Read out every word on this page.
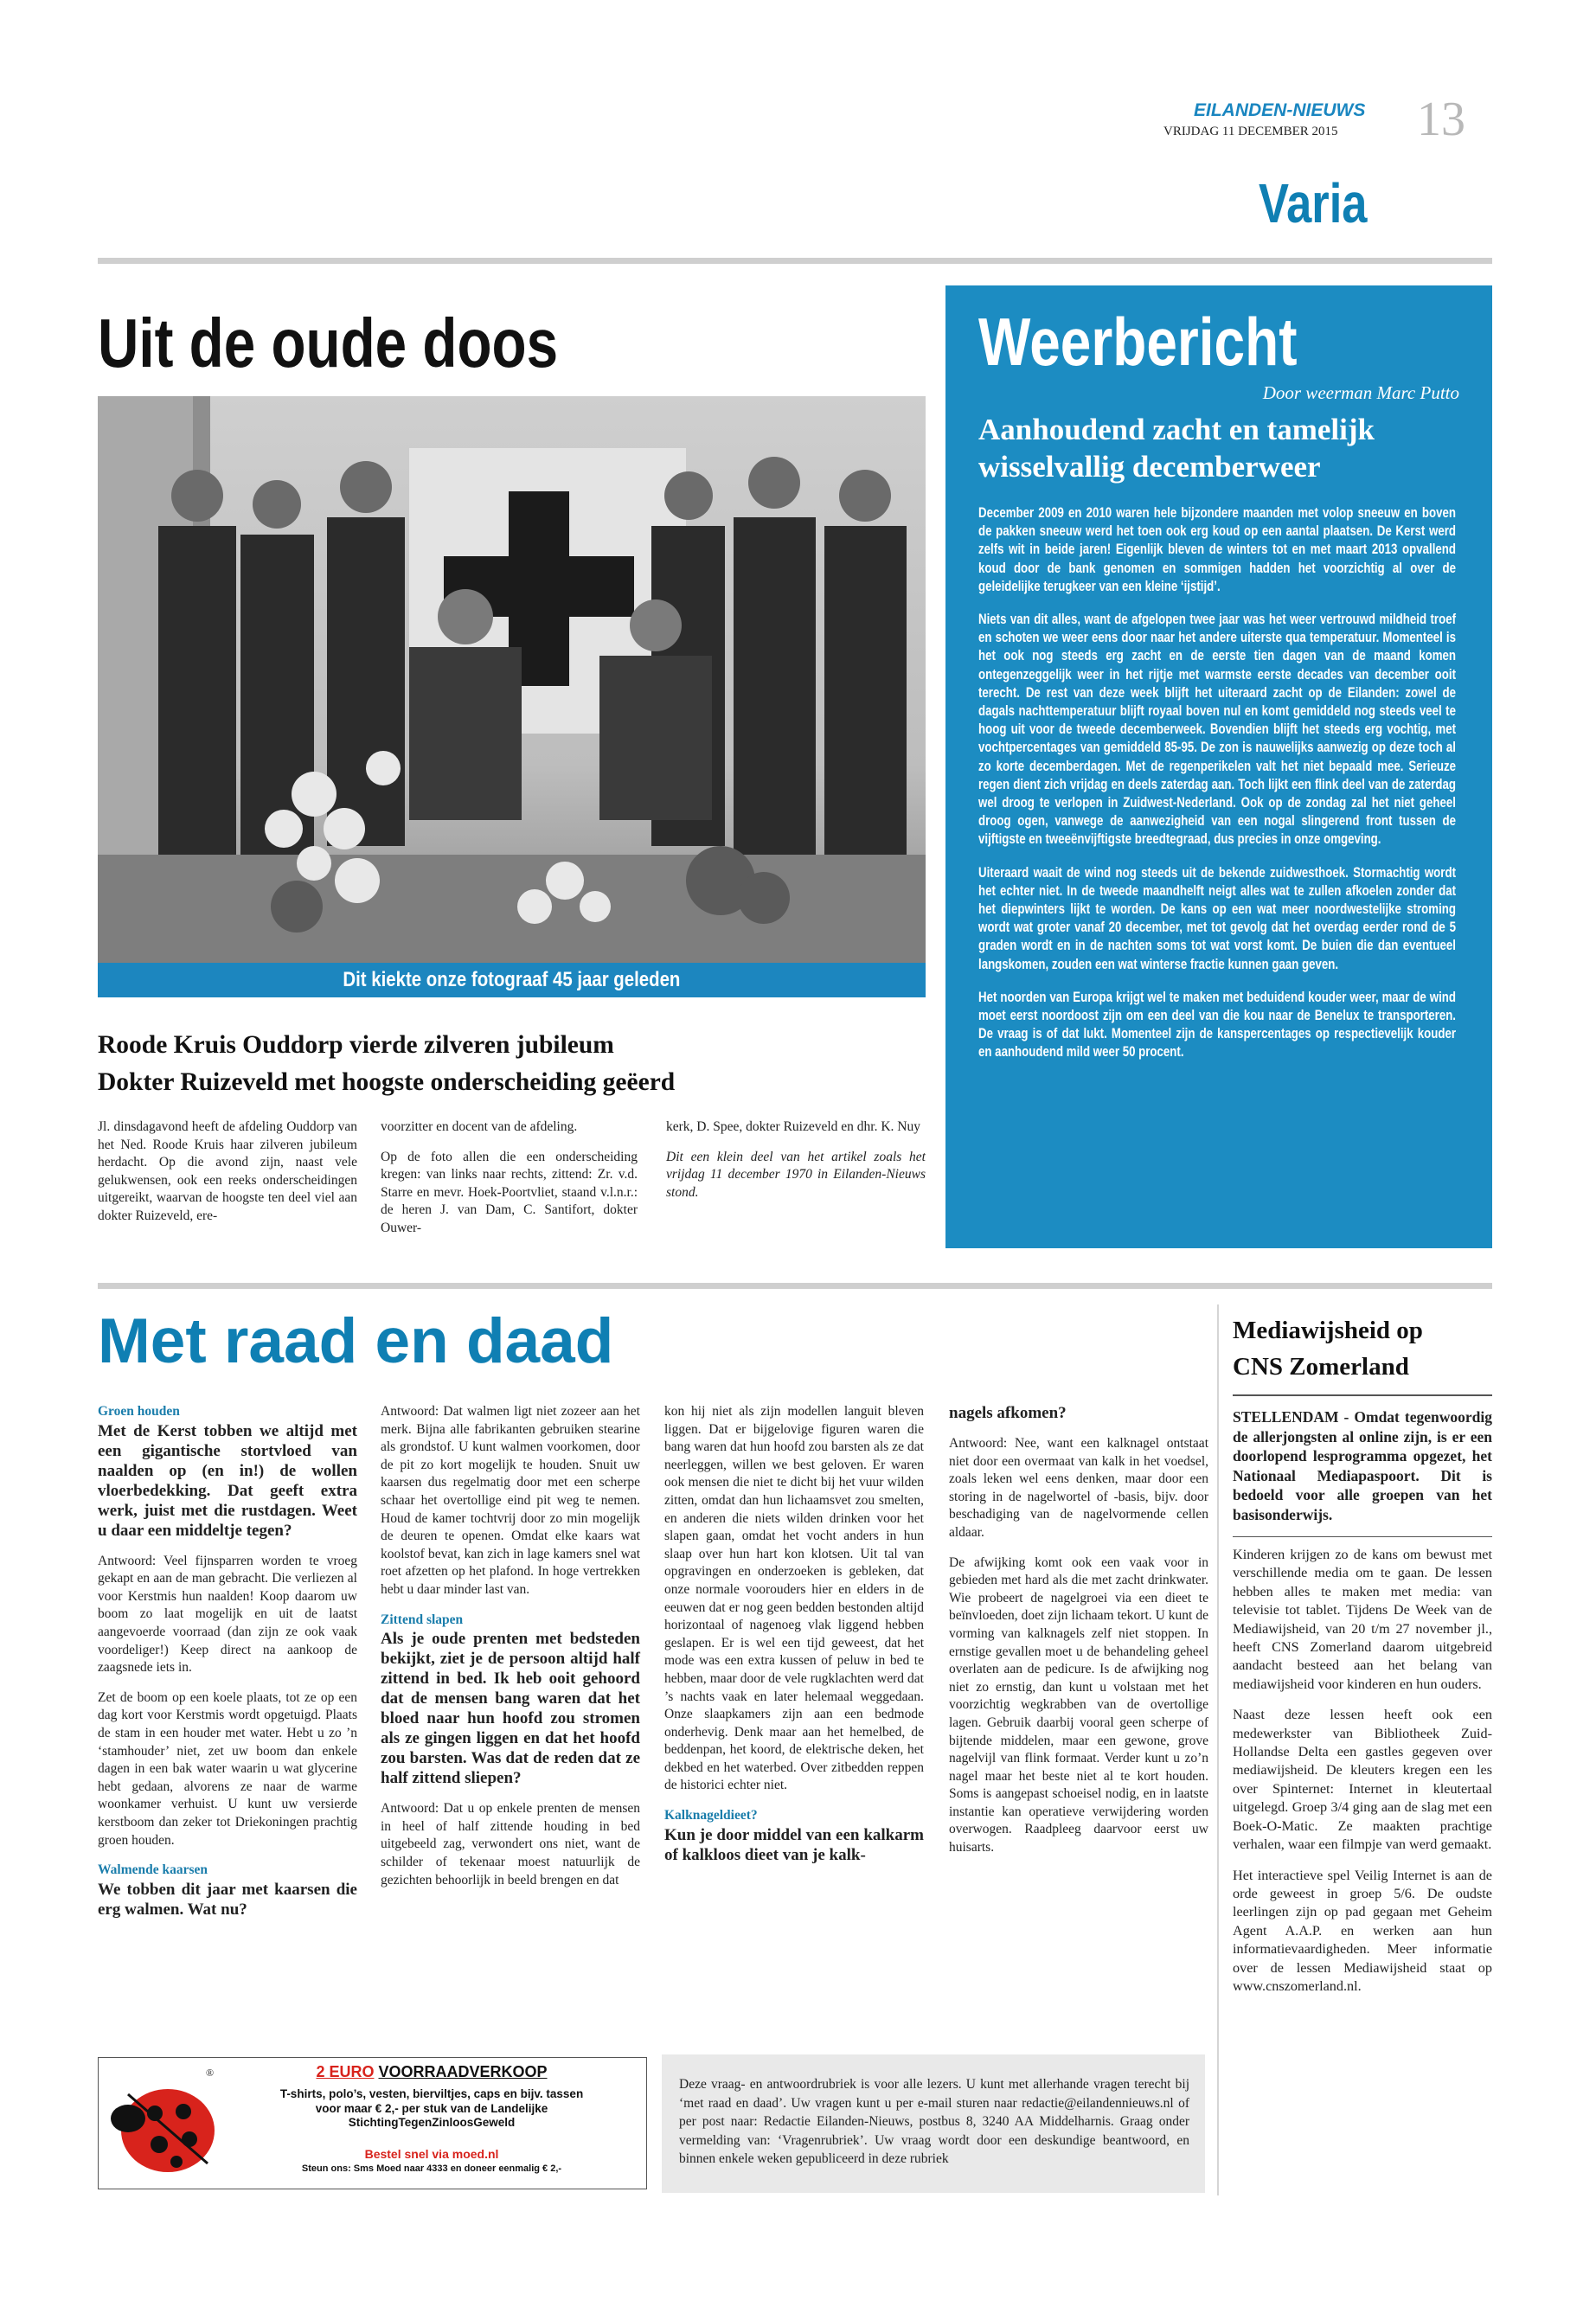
EILANDEN-NIEUWS
VRIJDAG 11 DECEMBER 2015 13
Varia
Uit de oude doos
Dit kiekte onze fotograaf 45 jaar geleden
Roode Kruis Ouddorp vierde zilveren jubileum
Dokter Ruizeveld met hoogste onderscheiding geëerd

Jl. dinsdagavond heeft de afdeling Ouddorp van het Ned. Roode Kruis haar zilveren jubileum herdacht. Op die avond zijn, naast vele gelukwensen, ook een reeks onderscheidingen uitgereikt, waarvan de hoogste ten deel viel aan dokter Ruizeveld, ere-

voorzitter en docent van de afdeling.

Op de foto allen die een onderscheiding kregen: van links naar rechts, zittend: Zr. v.d. Starre en mevr. Hoek-Poortvliet, staand v.l.n.r.: de heren J. van Dam, C. Santifort, dokter Ouwer-

kerk, D. Spee, dokter Ruizeveld en dhr. K. Nuy

Dit een klein deel van het artikel zoals het vrijdag 11 december 1970 in Eilanden-Nieuws stond.

Weerbericht
Door weerman Marc Putto
Aanhoudend zacht en tamelijk
wisselvallig decemberweer

December 2009 en 2010 waren hele bijzondere maanden met volop sneeuw en boven de pakken sneeuw werd het toen ook erg koud op een aantal plaatsen. De Kerst werd zelfs wit in beide jaren! Eigenlijk bleven de winters tot en met maart 2013 opvallend koud door de bank genomen en sommigen hadden het voorzichtig al over de geleidelijke terugkeer van een kleine ‘ijstijd’.

Niets van dit alles, want de afgelopen twee jaar was het weer vertrouwd mildheid troef en schoten we weer eens door naar het andere uiterste qua temperatuur. Momenteel is het ook nog steeds erg zacht en de eerste tien dagen van de maand komen ontegenzeggelijk weer in het rijtje met warmste eerste decades van december ooit terecht. De rest van deze week blijft het uiteraard zacht op de Eilanden: zowel de dagals nachttemperatuur blijft royaal boven nul en komt gemiddeld nog steeds veel te hoog uit voor de tweede decemberweek. Bovendien blijft het steeds erg vochtig, met vochtpercentages van gemiddeld 85-95. De zon is nauwelijks aanwezig op deze toch al zo korte decemberdagen. Met de regenperikelen valt het niet bepaald mee. Serieuze regen dient zich vrijdag en deels zaterdag aan. Toch lijkt een flink deel van de zaterdag wel droog te verlopen in Zuidwest-Nederland. Ook op de zondag zal het niet geheel droog ogen, vanwege de aanwezigheid van een nogal slingerend front tussen de vijftigste en tweeënvijftigste breedtegraad, dus precies in onze omgeving.

Uiteraard waait de wind nog steeds uit de bekende zuidwesthoek. Stormachtig wordt het echter niet. In de tweede maandhelft neigt alles wat te zullen afkoelen zonder dat het diepwinters lijkt te worden. De kans op een wat meer noordwestelijke stroming wordt wat groter vanaf 20 december, met tot gevolg dat het overdag eerder rond de 5 graden wordt en in de nachten soms tot wat vorst komt. De buien die dan eventueel langskomen, zouden een wat winterse fractie kunnen gaan geven.

Het noorden van Europa krijgt wel te maken met beduidend kouder weer, maar de wind moet eerst noordoost zijn om een deel van die kou naar de Benelux te transporteren. De vraag is of dat lukt. Momenteel zijn de kanspercentages op respectievelijk kouder en aanhoudend mild weer 50 procent.

Met raad en daad
Groen houden

Met de Kerst tobben we altijd met een gigantische stortvloed van naalden op (en in!) de wollen vloerbedekking. Dat geeft extra werk, juist met die rustdagen. Weet u daar een middeltje tegen?

Antwoord: Veel fijnsparren worden te vroeg gekapt en aan de man gebracht. Die verliezen al voor Kerstmis hun naalden! Koop daarom uw boom zo laat mogelijk en uit de laatst aangevoerde voorraad (dan zijn ze ook vaak voordeliger!) Keep direct na aankoop de zaagsnede iets in.

Zet de boom op een koele plaats, tot ze op een dag kort voor Kerstmis wordt opgetuigd. Plaats de stam in een houder met water. Hebt u zo ’n ‘stamhouder’ niet, zet uw boom dan enkele dagen in een bak water waarin u wat glycerine hebt gedaan, alvorens ze naar de warme woonkamer verhuist. U kunt uw versierde kerstboom dan zeker tot Driekoningen prachtig groen houden.

Walmende kaarsen

We tobben dit jaar met kaarsen die erg walmen. Wat nu?

Antwoord: Dat walmen ligt niet zozeer aan het merk. Bijna alle fabrikanten gebruiken stearine als grondstof. U kunt walmen voorkomen, door de pit zo kort mogelijk te houden. Snuit uw kaarsen dus regelmatig door met een scherpe schaar het overtollige eind pit weg te nemen. Houd de kamer tochtvrij door zo min mogelijk de deuren te openen. Omdat elke kaars wat koolstof bevat, kan zich in lage kamers snel wat roet afzetten op het plafond. In hoge vertrekken hebt u daar minder last van.

Zittend slapen

Als je oude prenten met bedsteden bekijkt, ziet je de persoon altijd half zittend in bed. Ik heb ooit gehoord dat de mensen bang waren dat het bloed naar hun hoofd zou stromen als ze gingen liggen en dat het hoofd zou barsten. Was dat de reden dat ze half zittend sliepen?

Antwoord: Dat u op enkele prenten de mensen in heel of half zittende houding in bed uitgebeeld zag, verwondert ons niet, want de schilder of tekenaar moest natuurlijk de gezichten behoorlijk in beeld brengen en dat

kon hij niet als zijn modellen languit bleven liggen. Dat er bijgelovige figuren waren die bang waren dat hun hoofd zou barsten als ze dat neerleggen, willen we best geloven. Er waren ook mensen die niet te dicht bij het vuur wilden zitten, omdat dan hun lichaamsvet zou smelten, en anderen die niets wilden drinken voor het slapen gaan, omdat het vocht anders in hun slaap over hun hart kon klotsen. Uit tal van opgravingen en onderzoeken is gebleken, dat onze normale voorouders hier en elders in de eeuwen dat er nog geen bedden bestonden altijd horizontaal of nagenoeg vlak liggend hebben geslapen. Er is wel een tijd geweest, dat het mode was een extra kussen of peluw in bed te hebben, maar door de vele rugklachten werd dat ’s nachts vaak en later helemaal weggedaan. Onze slaapkamers zijn aan een bedmode onderhevig. Denk maar aan het hemelbed, de beddenpan, het koord, de elektrische deken, het dekbed en het waterbed. Over zitbedden reppen de historici echter niet.

Kalknageldieet?

Kun je door middel van een kalkarm of kalkloos dieet van je kalk-

nagels afkomen?

Antwoord: Nee, want een kalknagel ontstaat niet door een overmaat van kalk in het voedsel, zoals leken wel eens denken, maar door een storing in de nagelwortel of -basis, bijv. door beschadiging van de nagelvormende cellen aldaar.

De afwijking komt ook een vaak voor in gebieden met hard als die met zacht drinkwater. Wie probeert de nagelgroei via een dieet te beïnvloeden, doet zijn lichaam tekort. U kunt de vorming van kalknagels zelf niet stoppen. In ernstige gevallen moet u de behandeling geheel overlaten aan de pedicure. Is de afwijking nog niet zo ernstig, dan kunt u volstaan met het voorzichtig wegkrabben van de overtollige lagen. Gebruik daarbij vooral geen scherpe of bijtende middelen, maar een gewone, grove nagelvijl van flink formaat. Verder kunt u zo’n nagel maar het beste niet al te kort houden. Soms is aangepast schoeisel nodig, en in laatste instantie kan operatieve verwijdering worden overwogen. Raadpleeg daarvoor eerst uw huisarts.

Deze vraag- en antwoordrubriek is voor alle lezers. U kunt met allerhande vragen terecht bij ‘met raad en daad’. Uw vragen kunt u per e-mail sturen naar redactie@eilandennieuws.nl of per post naar: Redactie Eilanden-Nieuws, postbus 8, 3240 AA Middelharnis. Graag onder vermelding van: ‘Vragenrubriek’. Uw vraag wordt door een deskundige beantwoord, en binnen enkele weken gepubliceerd in deze rubriek
®	2 EURO VOORRAADVERKOOP
T-shirts, polo’s, vesten, bierviltjes, caps en bijv. tassen
voor maar € 2,- per stuk van de Landelijke
StichtingTegenZinloosGeweld
Bestel snel via moed.nl
Steun ons: Sms Moed naar 4333 en doneer eenmalig € 2,-
Mediawijsheid op
CNS Zomerland

STELLENDAM - Omdat tegenwoordig de allerjongsten al online zijn, is er een doorlopend lesprogramma opgezet, het Nationaal Mediapaspoort. Dit is bedoeld voor alle groepen van het basisonderwijs.

Kinderen krijgen zo de kans om bewust met verschillende media om te gaan. De lessen hebben alles te maken met media: van televisie tot tablet. Tijdens De Week van de Mediawijsheid, van 20 t/m 27 november jl., heeft CNS Zomerland daarom uitgebreid aandacht besteed aan het belang van mediawijsheid voor kinderen en hun ouders.

Naast deze lessen heeft ook een medewerkster van Bibliotheek Zuid-Hollandse Delta een gastles gegeven over mediawijsheid. De kleuters kregen een les over Spinternet: Internet in kleutertaal uitgelegd. Groep 3/4 ging aan de slag met een Boek-O-Matic. Ze maakten prachtige verhalen, waar een filmpje van werd gemaakt.

Het interactieve spel Veilig Internet is aan de orde geweest in groep 5/6. De oudste leerlingen zijn op pad gegaan met Geheim Agent A.A.P. en werken aan hun informatievaardigheden. Meer informatie over de lessen Mediawijsheid staat op www.cnszomerland.nl.
